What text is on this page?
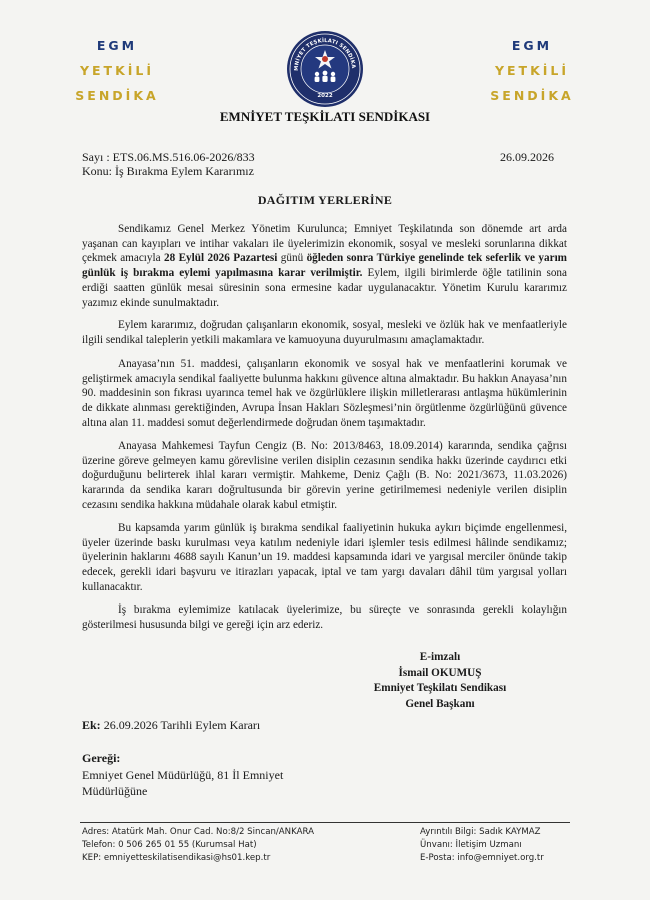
EGM
YETKİLİ
SENDİKA
MNİYET TEŞKİLATI SENDİKA
2022
EGM
YETKİLİ
SENDİKA
EMNİYET TEŞKİLATI SENDİKASI
Sayı : ETS.06.MS.516.06-2026/833
Konu: İş Bırakma Eylem Kararımız
26.09.2026
DAĞITIM YERLERİNE

Sendikamız Genel Merkez Yönetim Kurulunca; Emniyet Teşkilatında son dönemde art arda yaşanan can kayıpları ve intihar vakaları ile üyelerimizin ekonomik, sosyal ve mesleki sorunlarına dikkat çekmek amacıyla 28 Eylül 2026 Pazartesi günü öğleden sonra Türkiye genelinde tek seferlik ve yarım günlük iş bırakma eylemi yapılmasına karar verilmiştir. Eylem, ilgili birimlerde öğle tatilinin sona erdiği saatten günlük mesai süresinin sona ermesine kadar uygulanacaktır. Yönetim Kurulu kararımız yazımız ekinde sunulmaktadır.

Eylem kararımız, doğrudan çalışanların ekonomik, sosyal, mesleki ve özlük hak ve menfaatleriyle ilgili sendikal taleplerin yetkili makamlara ve kamuoyuna duyurulmasını amaçlamaktadır.

Anayasa’nın 51. maddesi, çalışanların ekonomik ve sosyal hak ve menfaatlerini korumak ve geliştirmek amacıyla sendikal faaliyette bulunma hakkını güvence altına almaktadır. Bu hakkın Anayasa’nın 90. maddesinin son fıkrası uyarınca temel hak ve özgürlüklere ilişkin milletlerarası antlaşma hükümlerinin de dikkate alınması gerektiğinden, Avrupa İnsan Hakları Sözleşmesi’nin örgütlenme özgürlüğünü güvence altına alan 11. maddesi somut değerlendirmede doğrudan önem taşımaktadır.

Anayasa Mahkemesi Tayfun Cengiz (B. No: 2013/8463, 18.09.2014) kararında, sendika çağrısı üzerine göreve gelmeyen kamu görevlisine verilen disiplin cezasının sendika hakkı üzerinde caydırıcı etki doğurduğunu belirterek ihlal kararı vermiştir. Mahkeme, Deniz Çağlı (B. No: 2021/3673, 11.03.2026) kararında da sendika kararı doğrultusunda bir görevin yerine getirilmemesi nedeniyle verilen disiplin cezasını sendika hakkına müdahale olarak kabul etmiştir.

Bu kapsamda yarım günlük iş bırakma sendikal faaliyetinin hukuka aykırı biçimde engellenmesi, üyeler üzerinde baskı kurulması veya katılım nedeniyle idari işlemler tesis edilmesi hâlinde sendikamız; üyelerinin haklarını 4688 sayılı Kanun’un 19. maddesi kapsamında idari ve yargısal merciler önünde takip edecek, gerekli idari başvuru ve itirazları yapacak, iptal ve tam yargı davaları dâhil tüm yargısal yolları kullanacaktır.

İş bırakma eylemimize katılacak üyelerimize, bu süreçte ve sonrasında gerekli kolaylığın gösterilmesi hususunda bilgi ve gereği için arz ederiz.

E-imzalı
İsmail OKUMUŞ
Emniyet Teşkilatı Sendikası
Genel Başkanı
Ek: 26.09.2026 Tarihli Eylem Kararı
Gereği:
Emniyet Genel Müdürlüğü, 81 İl Emniyet
Müdürlüğüne
Adres: Atatürk Mah. Onur Cad. No:8/2 Sincan/ANKARA
Telefon: 0 506 265 01 55 (Kurumsal Hat)
KEP: emniyetteskilatisendikasi@hs01.kep.tr
Ayrıntılı Bilgi: Sadık KAYMAZ
Ünvanı: İletişim Uzmanı
E-Posta: info@emniyet.org.tr
